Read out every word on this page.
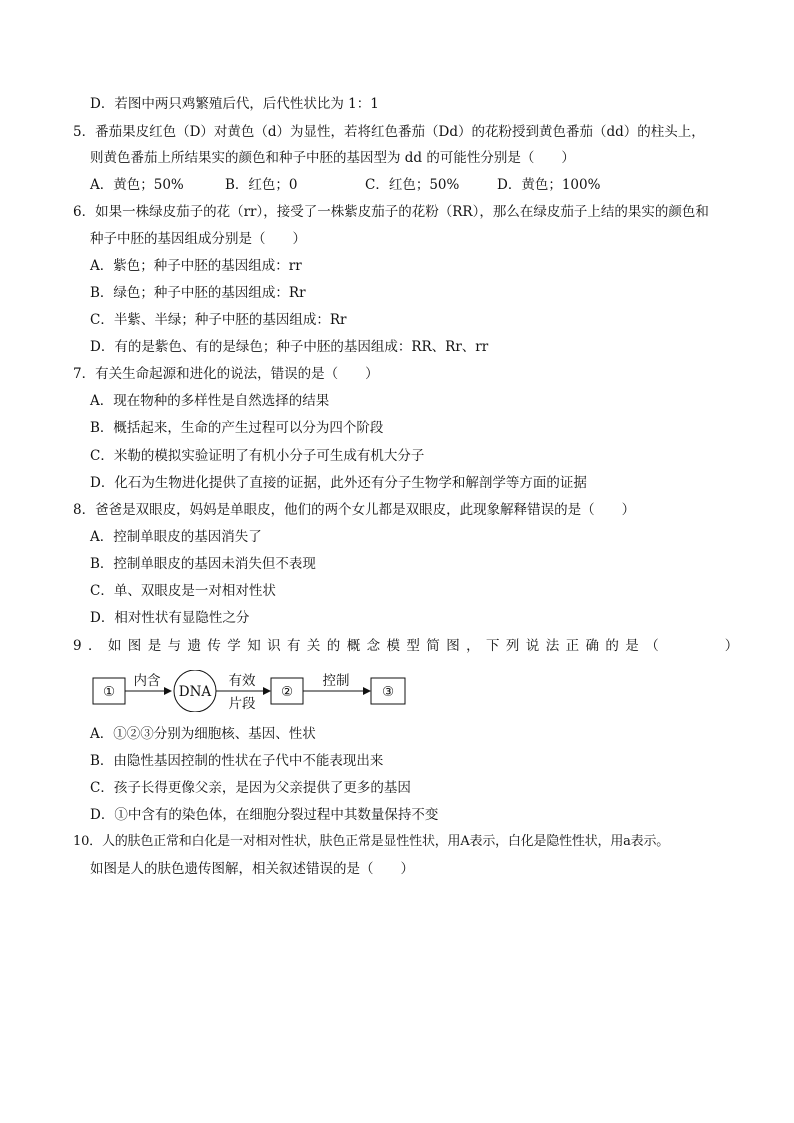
D．若图中两只鸡繁殖后代，后代性状比为 1：1
5．番茄果皮红色（D）对黄色（d）为显性，若将红色番茄（Dd）的花粉授到黄色番茄（dd）的柱头上，
则黄色番茄上所结果实的颜色和种子中胚的基因型为 dd 的可能性分别是（　　）
A．黄色；50%	B．红色；0	C．红色；50%	D．黄色；100%
6．如果一株绿皮茄子的花（rr），接受了一株紫皮茄子的花粉（RR），那么在绿皮茄子上结的果实的颜色和
种子中胚的基因组成分别是（　　）
A．紫色；种子中胚的基因组成：rr
B．绿色；种子中胚的基因组成：Rr
C．半紫、半绿；种子中胚的基因组成：Rr
D．有的是紫色、有的是绿色；种子中胚的基因组成：RR、Rr、rr
7．有关生命起源和进化的说法，错误的是（　　）
A．现在物种的多样性是自然选择的结果
B．概括起来，生命的产生过程可以分为四个阶段
C．米勒的模拟实验证明了有机小分子可生成有机大分子
D．化石为生物进化提供了直接的证据，此外还有分子生物学和解剖学等方面的证据
8．爸爸是双眼皮，妈妈是单眼皮，他们的两个女儿都是双眼皮，此现象解释错误的是（　　）
A．控制单眼皮的基因消失了
B．控制单眼皮的基因未消失但不表现
C．单、双眼皮是一对相对性状
D．相对性状有显隐性之分
9．如图是与遗传学知识有关的概念模型简图，下列说法正确的是（　　　）
①
内含
DNA
有效
片段
②
控制
③
A．①②③分别为细胞核、基因、性状
B．由隐性基因控制的性状在子代中不能表现出来
C．孩子长得更像父亲，是因为父亲提供了更多的基因
D．①中含有的染色体，在细胞分裂过程中其数量保持不变
10．人的肤色正常和白化是一对相对性状，肤色正常是显性性状，用A表示，白化是隐性性状，用a表示。
如图是人的肤色遗传图解，相关叙述错误的是（　　）
